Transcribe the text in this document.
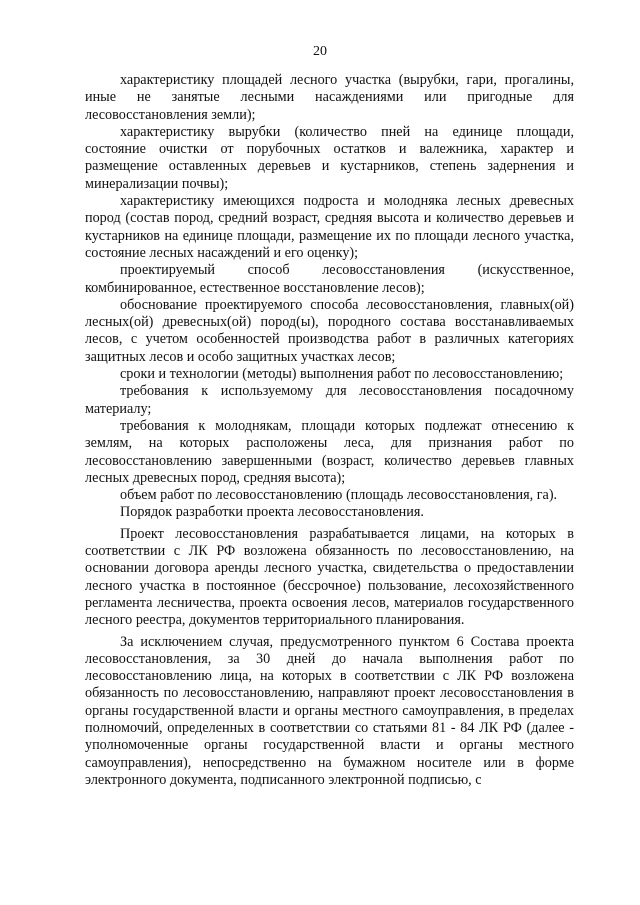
20

характеристику площадей лесного участка (вырубки, гари, прогалины, иные не занятые лесными насаждениями или пригодные для лесовосстановления земли);

характеристику вырубки (количество пней на единице площади, состояние очистки от порубочных остатков и валежника, характер и размещение оставленных деревьев и кустарников, степень задернения и минерализации почвы);

характеристику имеющихся подроста и молодняка лесных древесных пород (состав пород, средний возраст, средняя высота и количество деревьев и кустарников на единице площади, размещение их по площади лесного участка, состояние лесных насаждений и его оценку);

проектируемый способ лесовосстановления (искусственное, комбинированное, естественное восстановление лесов);

обоснование проектируемого способа лесовосстановления, главных(ой) лесных(ой) древесных(ой) пород(ы), породного состава восстанавливаемых лесов, с учетом особенностей производства работ в различных категориях защитных лесов и особо защитных участках лесов;

сроки и технологии (методы) выполнения работ по лесовосстановлению;

требования к используемому для лесовосстановления посадочному материалу;

требования к молоднякам, площади которых подлежат отнесению к землям, на которых расположены леса, для признания работ по лесовосстановлению завершенными (возраст, количество деревьев главных лесных древесных пород, средняя высота);

объем работ по лесовосстановлению (площадь лесовосстановления, га).

Порядок разработки проекта лесовосстановления.

Проект лесовосстановления разрабатывается лицами, на которых в соответствии с ЛК РФ возложена обязанность по лесовосстановлению, на основании договора аренды лесного участка, свидетельства о предоставлении лесного участка в постоянное (бессрочное) пользование, лесохозяйственного регламента лесничества, проекта освоения лесов, материалов государственного лесного реестра, документов территориального планирования.

За исключением случая, предусмотренного пунктом 6 Состава проекта лесовосстановления, за 30 дней до начала выполнения работ по лесовосстановлению лица, на которых в соответствии с ЛК РФ возложена обязанность по лесовосстановлению, направляют проект лесовосстановления в органы государственной власти и органы местного самоуправления, в пределах полномочий, определенных в соответствии со статьями 81 - 84 ЛК РФ (далее - уполномоченные органы государственной власти и органы местного самоуправления), непосредственно на бумажном носителе или в форме электронного документа, подписанного электронной подписью, с
